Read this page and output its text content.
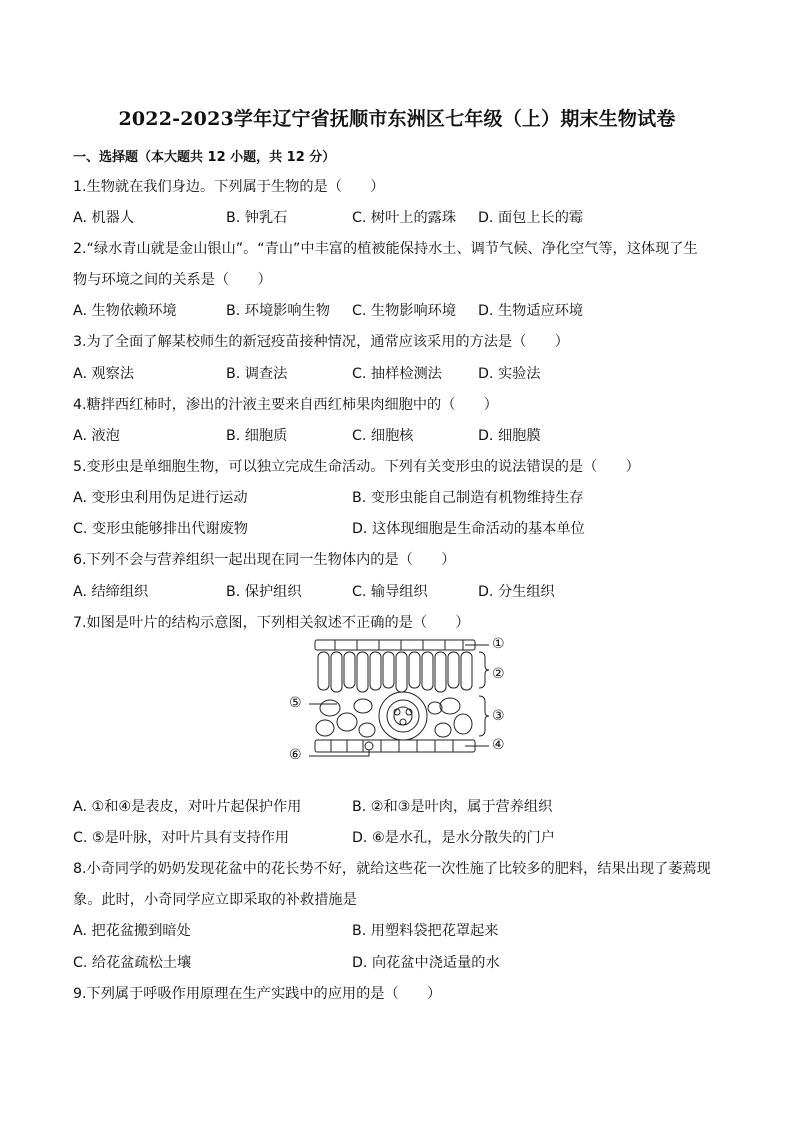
2022-2023学年辽宁省抚顺市东洲区七年级（上）期末生物试卷
一、选择题（本大题共 12 小题，共 12 分）
1.生物就在我们身边。下列属于生物的是（　　）
A. 机器人	B. 钟乳石	C. 树叶上的露珠 D. 面包上长的霉
2.“绿水青山就是金山银山”。“青山”中丰富的植被能保持水土、调节气候、净化空气等，这体现了生
物与环境之间的关系是（　　）
A. 生物依赖环境	B. 环境影响生物 C. 生物影响环境 D. 生物适应环境
3.为了全面了解某校师生的新冠疫苗接种情况，通常应该采用的方法是（　　）
A. 观察法	B. 调查法	C. 抽样检测法	D. 实验法
4.糖拌西红柿时，渗出的汁液主要来自西红柿果肉细胞中的（　　）
A. 液泡	B. 细胞质	C. 细胞核	D. 细胞膜
5.变形虫是单细胞生物，可以独立完成生命活动。下列有关变形虫的说法错误的是（　　）
A. 变形虫利用伪足进行运动	B. 变形虫能自己制造有机物维持生存
C. 变形虫能够排出代谢废物	D. 这体现细胞是生命活动的基本单位
6.下列不会与营养组织一起出现在同一生物体内的是（　　）
A. 结缔组织	B. 保护组织	C. 输导组织	D. 分生组织
7.如图是叶片的结构示意图，下列相关叙述不正确的是（　　）
①
②
③
④
⑤
⑥
A. ①和④是表皮，对叶片起保护作用	B. ②和③是叶肉，属于营养组织
C. ⑤是叶脉，对叶片具有支持作用	D. ⑥是水孔，是水分散失的门户
8.小奇同学的奶奶发现花盆中的花长势不好，就给这些花一次性施了比较多的肥料，结果出现了萎蔫现
象。此时，小奇同学应立即采取的补救措施是
A. 把花盆搬到暗处	B. 用塑料袋把花罩起来
C. 给花盆疏松土壤	D. 向花盆中浇适量的水
9.下列属于呼吸作用原理在生产实践中的应用的是（　　）
